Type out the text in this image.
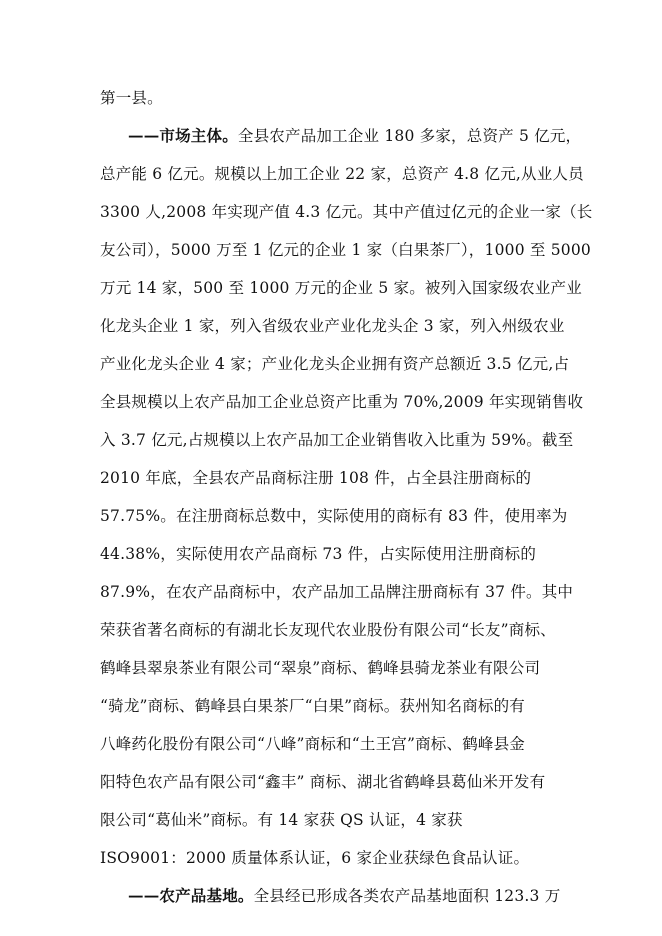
第一县。
——市场主体。全县农产品加工企业 180 多家，总资产 5 亿元，
总产能 6 亿元。规模以上加工企业 22 家，总资产 4.8 亿元,从业人员
3300 人,2008 年实现产值 4.3 亿元。其中产值过亿元的企业一家（长
友公司），5000 万至 1 亿元的企业 1 家（白果茶厂），1000 至 5000
万元 14 家，500 至 1000 万元的企业 5 家。被列入国家级农业产业
化龙头企业 1 家，列入省级农业产业化龙头企 3 家，列入州级农业
产业化龙头企业 4 家；产业化龙头企业拥有资产总额近 3.5 亿元,占
全县规模以上农产品加工企业总资产比重为 70%,2009 年实现销售收
入 3.7 亿元,占规模以上农产品加工企业销售收入比重为 59%。截至
2010 年底，全县农产品商标注册 108 件，占全县注册商标的
57.75%。在注册商标总数中，实际使用的商标有 83 件，使用率为
44.38%，实际使用农产品商标 73 件，占实际使用注册商标的
87.9%，在农产品商标中，农产品加工品牌注册商标有 37 件。其中
荣获省著名商标的有湖北长友现代农业股份有限公司“长友”商标、
鹤峰县翠泉茶业有限公司“翠泉”商标、鹤峰县骑龙茶业有限公司
“骑龙”商标、鹤峰县白果茶厂“白果”商标。获州知名商标的有
八峰药化股份有限公司“八峰”商标和“土王宫”商标、鹤峰县金
阳特色农产品有限公司“鑫丰” 商标、湖北省鹤峰县葛仙米开发有
限公司“葛仙米”商标。有 14 家获 QS 认证，4 家获
ISO9001：2000 质量体系认证，6 家企业获绿色食品认证。
——农产品基地。全县经已形成各类农产品基地面积 123.3 万
